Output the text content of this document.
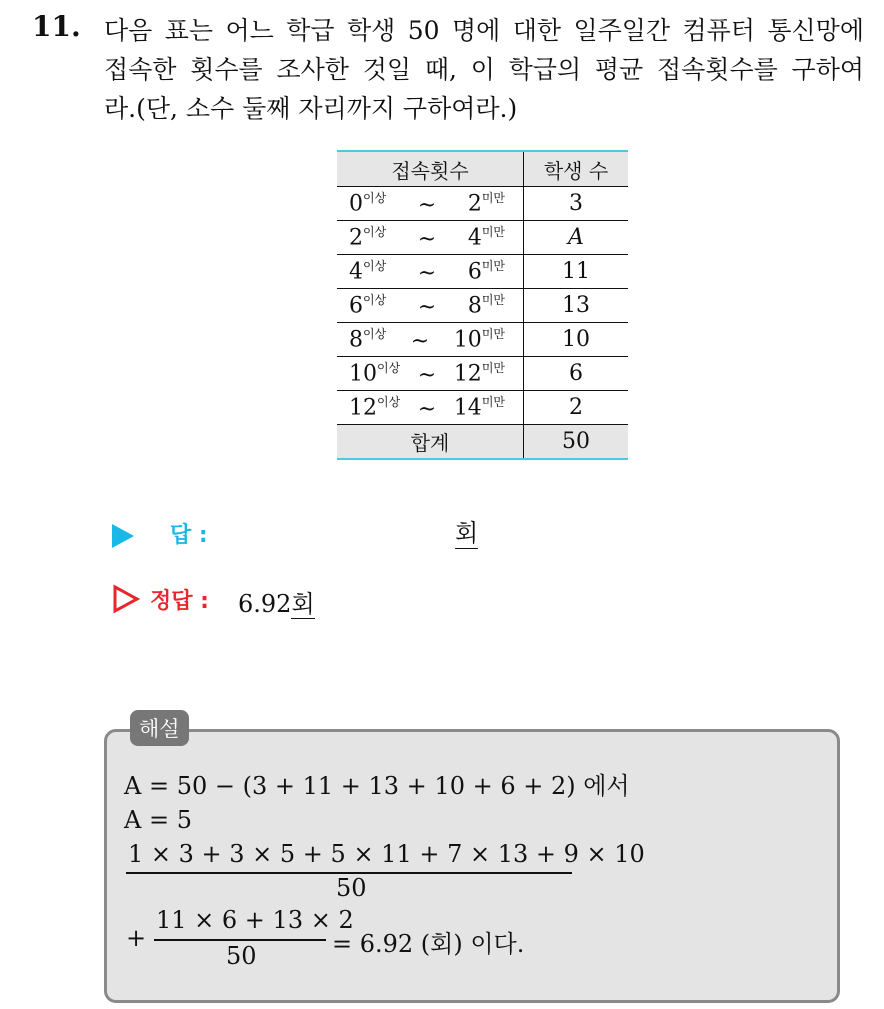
11. 다음 표는 어느 학급 학생 50 명에 대한 일주일간 컴퓨터 통신망에
접속한 횟수를 조사한 것일 때, 이 학급의 평균 접속횟수를 구하여
라.(단, 소수 둘째 자리까지 구하여라.)
접속횟수	학생 수

$0^{이상}$ ~ $2^{미만}$	3

$2^{이상}$ ~ $4^{미만}$	A

$4^{이상}$ ~ $6^{미만}$	11

$6^{이상}$ ~ $8^{미만}$	13

$8^{이상}$ ~ $10^{미만}$	10

$10^{이상}$ ~ $12^{미만}$	6

$12^{이상}$ ~ $14^{미만}$	2
합계	50
답 :	회
정답 : 6.92회
해설
A = 50 − (3 + 11 + 13 + 10 + 6 + 2) 에서
A = 5
1 × 3 + 3 × 5 + 5 × 11 + 7 × 13 + 9 × 10
50
+
11 × 6 + 13 × 2
50	= 6.92 (회) 이다.
